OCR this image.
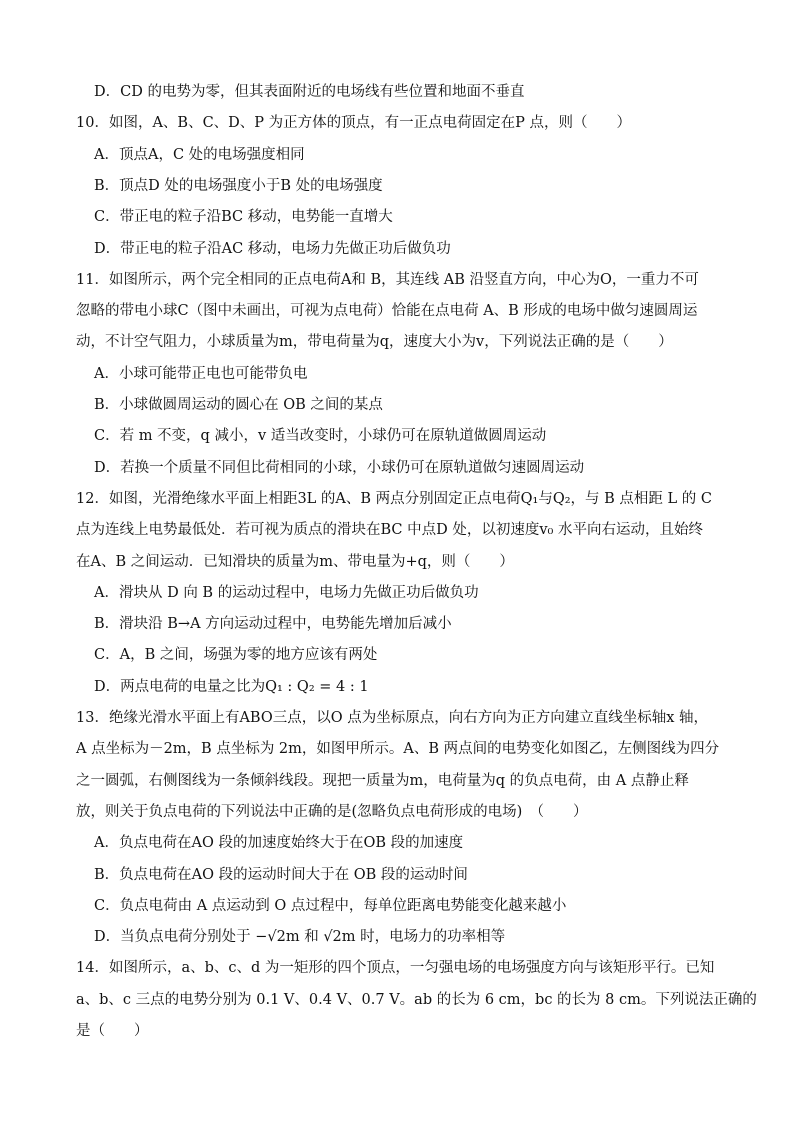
D．CD 的电势为零，但其表面附近的电场线有些位置和地面不垂直
10．如图，A、B、C、D、P 为正方体的顶点，有一正点电荷固定在P 点，则（　　）
A．顶点A，C 处的电场强度相同
B．顶点D 处的电场强度小于B 处的电场强度
C．带正电的粒子沿BC 移动，电势能一直增大
D．带正电的粒子沿AC 移动，电场力先做正功后做负功
11．如图所示，两个完全相同的正点电荷A和 B，其连线 AB 沿竖直方向，中心为O，一重力不可
忽略的带电小球C（图中未画出，可视为点电荷）恰能在点电荷 A、B 形成的电场中做匀速圆周运
动，不计空气阻力，小球质量为m，带电荷量为q，速度大小为v，下列说法正确的是（　　）
A．小球可能带正电也可能带负电
B．小球做圆周运动的圆心在 OB 之间的某点
C．若 m 不变，q 减小，v 适当改变时，小球仍可在原轨道做圆周运动
D．若换一个质量不同但比荷相同的小球，小球仍可在原轨道做匀速圆周运动
12．如图，光滑绝缘水平面上相距3L 的A、B 两点分别固定正点电荷Q₁与Q₂，与 B 点相距 L 的 C
点为连线上电势最低处．若可视为质点的滑块在BC 中点D 处，以初速度v₀ 水平向右运动，且始终
在A、B 之间运动．已知滑块的质量为m、带电量为+q，则（　　）
A．滑块从 D 向 B 的运动过程中，电场力先做正功后做负功
B．滑块沿 B→A 方向运动过程中，电势能先增加后减小
C．A，B 之间，场强为零的地方应该有两处
D．两点电荷的电量之比为Q₁ : Q₂ = 4 : 1
13．绝缘光滑水平面上有ABO三点，以O 点为坐标原点，向右方向为正方向建立直线坐标轴x 轴，
A 点坐标为－2m，B 点坐标为 2m，如图甲所示。A、B 两点间的电势变化如图乙，左侧图线为四分
之一圆弧，右侧图线为一条倾斜线段。现把一质量为m，电荷量为q 的负点电荷，由 A 点静止释
放，则关于负点电荷的下列说法中正确的是(忽略负点电荷形成的电场)　（　　）
A．负点电荷在AO 段的加速度始终大于在OB 段的加速度
B．负点电荷在AO 段的运动时间大于在 OB 段的运动时间
C．负点电荷由 A 点运动到 O 点过程中，每单位距离电势能变化越来越小
D．当负点电荷分别处于 −√2m 和 √2m 时，电场力的功率相等
14．如图所示，a、b、c、d 为一矩形的四个顶点，一匀强电场的电场强度方向与该矩形平行。已知
a、b、c 三点的电势分别为 0.1 V、0.4 V、0.7 V。ab 的长为 6 cm，bc 的长为 8 cm。下列说法正确的
是（　　）
